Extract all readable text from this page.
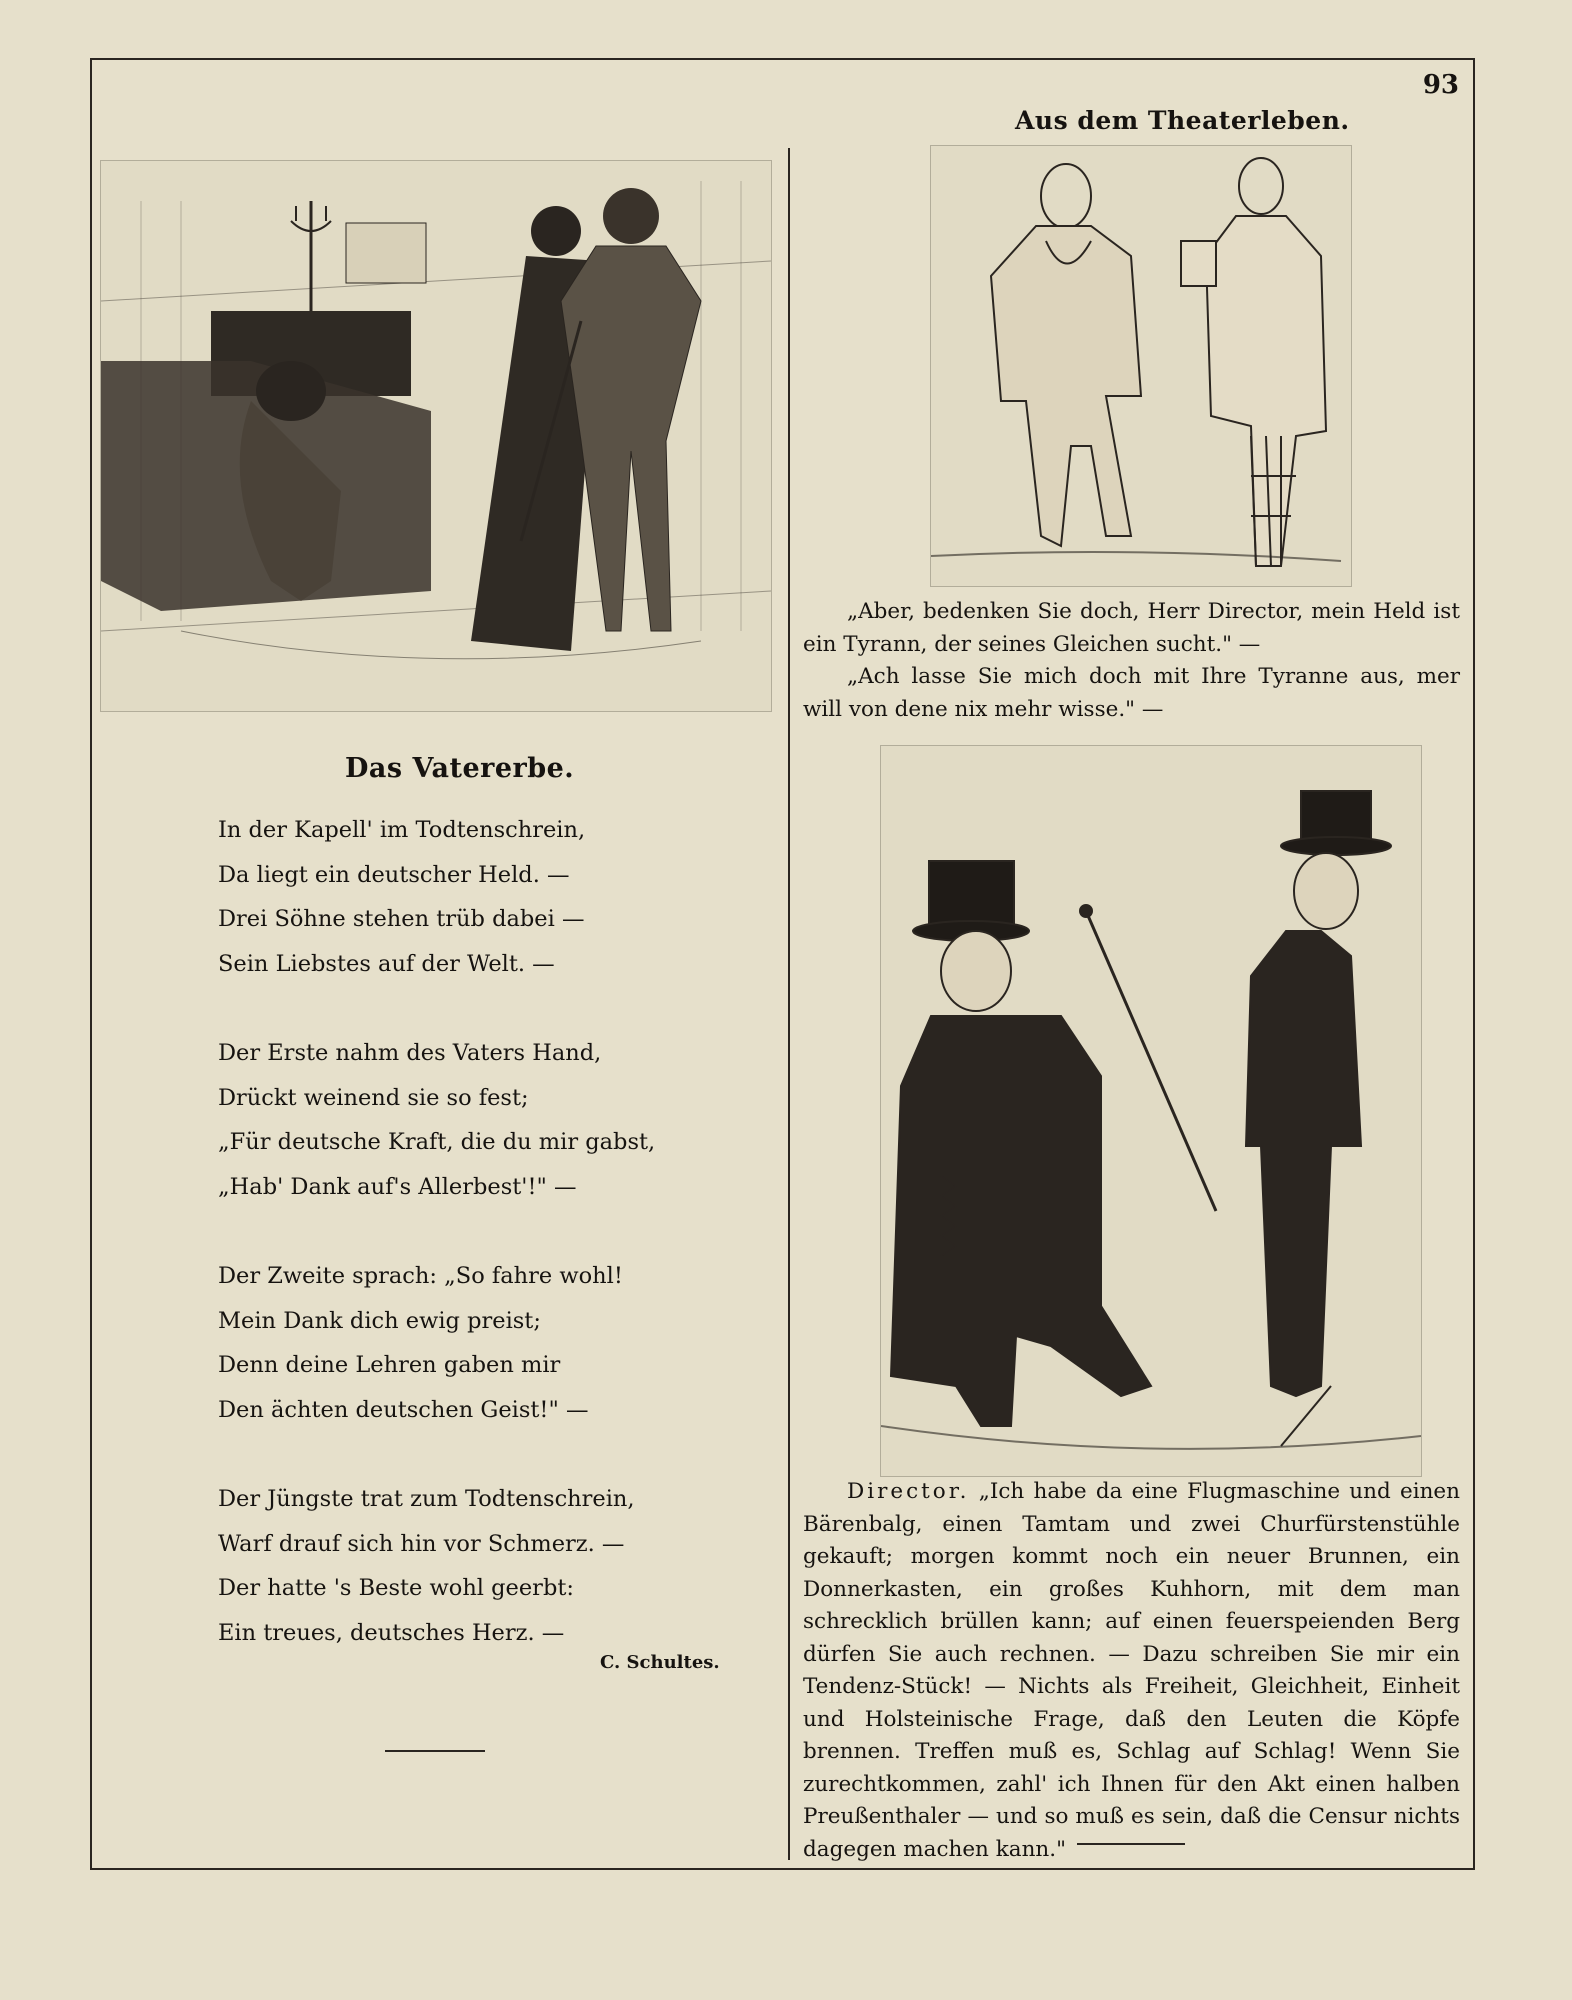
93
Das Vatererbe.
In der Kapell' im Todtenschrein,
Da liegt ein deutscher Held. —
Drei Söhne stehen trüb dabei —
Sein Liebstes auf der Welt. —
Der Erste nahm des Vaters Hand,
Drückt weinend sie so fest;
„Für deutsche Kraft, die du mir gabst,
„Hab' Dank auf's Allerbest'!" —
Der Zweite sprach: „So fahre wohl!
Mein Dank dich ewig preist;
Denn deine Lehren gaben mir
Den ächten deutschen Geist!" —
Der Jüngste trat zum Todtenschrein,
Warf drauf sich hin vor Schmerz. —
Der hatte 's Beste wohl geerbt:
Ein treues, deutsches Herz. —
C. Schultes.
Aus dem Theaterleben.

„Aber, bedenken Sie doch, Herr Director, mein Held ist ein Tyrann, der seines Gleichen sucht." —

„Ach lasse Sie mich doch mit Ihre Tyranne aus, mer will von dene nix mehr wisse." —

Director. „Ich habe da eine Flugmaschine und einen Bärenbalg, einen Tamtam und zwei Churfürstenstühle gekauft; morgen kommt noch ein neuer Brunnen, ein Donnerkasten, ein großes Kuhhorn, mit dem man schrecklich brüllen kann; auf einen feuerspeienden Berg dürfen Sie auch rechnen. — Dazu schreiben Sie mir ein Tendenz-Stück! — Nichts als Freiheit, Gleichheit, Einheit und Holsteinische Frage, daß den Leuten die Köpfe brennen. Treffen muß es, Schlag auf Schlag! Wenn Sie zurechtkommen, zahl' ich Ihnen für den Akt einen halben Preußenthaler — und so muß es sein, daß die Censur nichts dagegen machen kann."
